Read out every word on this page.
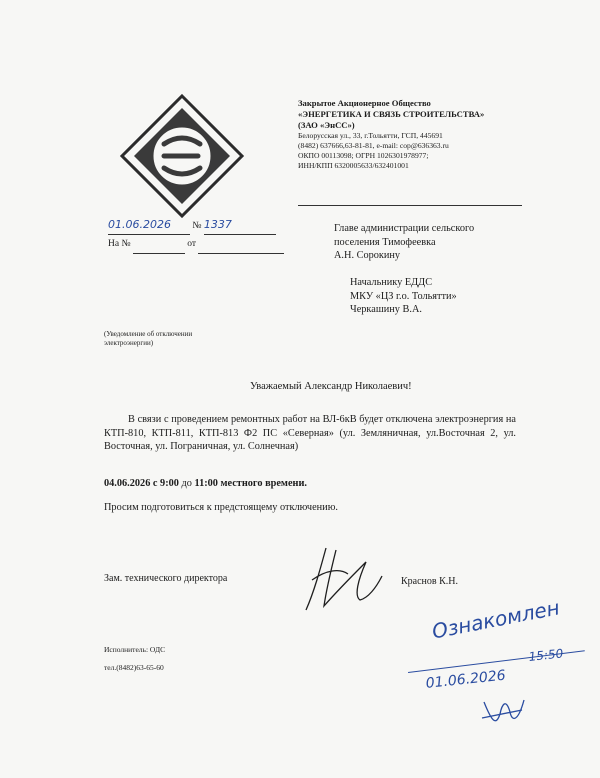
Закрытое Акционерное Общество
«ЭНЕРГЕТИКА И СВЯЗЬ СТРОИТЕЛЬСТВА»
(ЗАО «ЭнСС»)
Белорусская ул., 33, г.Тольятти, ГСП, 445691
(8482) 637666,63-81-81, e-mail: cop@636363.ru
ОКПО 00113098; ОГРН 1026301978977;
ИНН/КПП 6320005633/632401001
01.06.2026 № 1337
На №	от
Главе администрации сельского
поселения Тимофеевка
А.Н. Сорокину
Начальнику ЕДДС
МКУ «ЦЗ г.о. Тольятти»
Черкашину В.А.
(Уведомление об отключении
электроэнергии)
Уважаемый Александр Николаевич!
В связи с проведением ремонтных работ на ВЛ-6кВ будет отключена электроэнергия на КТП-810, КТП-811, КТП-813 Ф2 ПС «Северная» (ул. Земляничная, ул.Восточная 2, ул. Восточная, ул. Пограничная, ул. Солнечная)
04.06.2026 с 9:00 до 11:00 местного времени.
Просим подготовиться к предстоящему отключению.
Зам. технического директора	Краснов К.Н.
Исполнитель: ОДС
тел.(8482)63-65-60
Ознакомлен
01.06.2026
15:50
